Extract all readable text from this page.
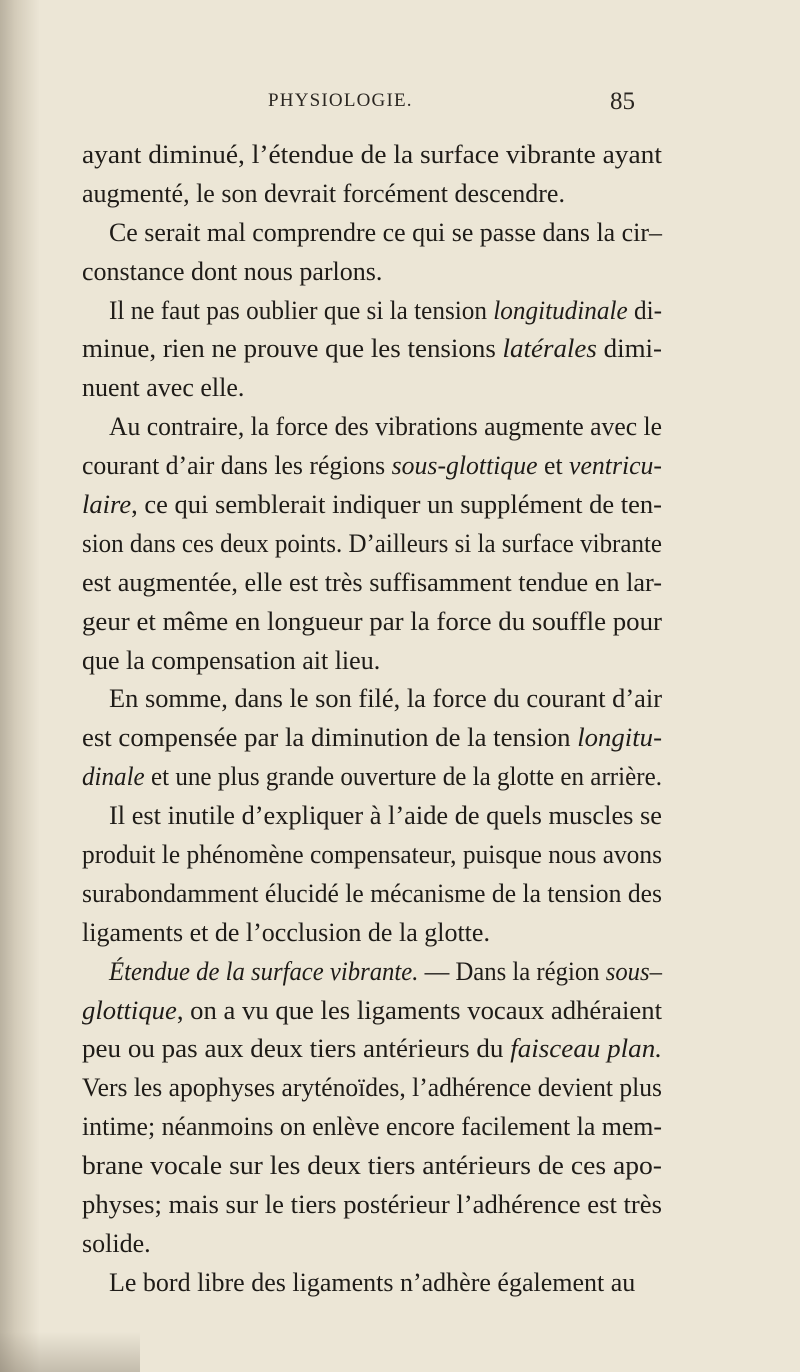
PHYSIOLOGIE.	85
ayant diminué, l’étendue de la surface vibrante ayant
augmenté, le son devrait forcément descendre.
Ce serait mal comprendre ce qui se passe dans la cir–
constance dont nous parlons.
Il ne faut pas oublier que si la tension longitudinale di-
minue, rien ne prouve que les tensions latérales dimi-
nuent avec elle.
Au contraire, la force des vibrations augmente avec le
courant d’air dans les régions sous-glottique et ventricu-
laire, ce qui semblerait indiquer un supplément de ten-
sion dans ces deux points. D’ailleurs si la surface vibrante
est augmentée, elle est très suffisamment tendue en lar-
geur et même en longueur par la force du souffle pour
que la compensation ait lieu.
En somme, dans le son filé, la force du courant d’air
est compensée par la diminution de la tension longitu-
dinale et une plus grande ouverture de la glotte en arrière.
Il est inutile d’expliquer à l’aide de quels muscles se
produit le phénomène compensateur, puisque nous avons
surabondamment élucidé le mécanisme de la tension des
ligaments et de l’occlusion de la glotte.
Étendue de la surface vibrante. — Dans la région sous–
glottique, on a vu que les ligaments vocaux adhéraient
peu ou pas aux deux tiers antérieurs du faisceau plan.
Vers les apophyses aryténoïdes, l’adhérence devient plus
intime; néanmoins on enlève encore facilement la mem-
brane vocale sur les deux tiers antérieurs de ces apo-
physes; mais sur le tiers postérieur l’adhérence est très
solide.
Le bord libre des ligaments n’adhère également au
